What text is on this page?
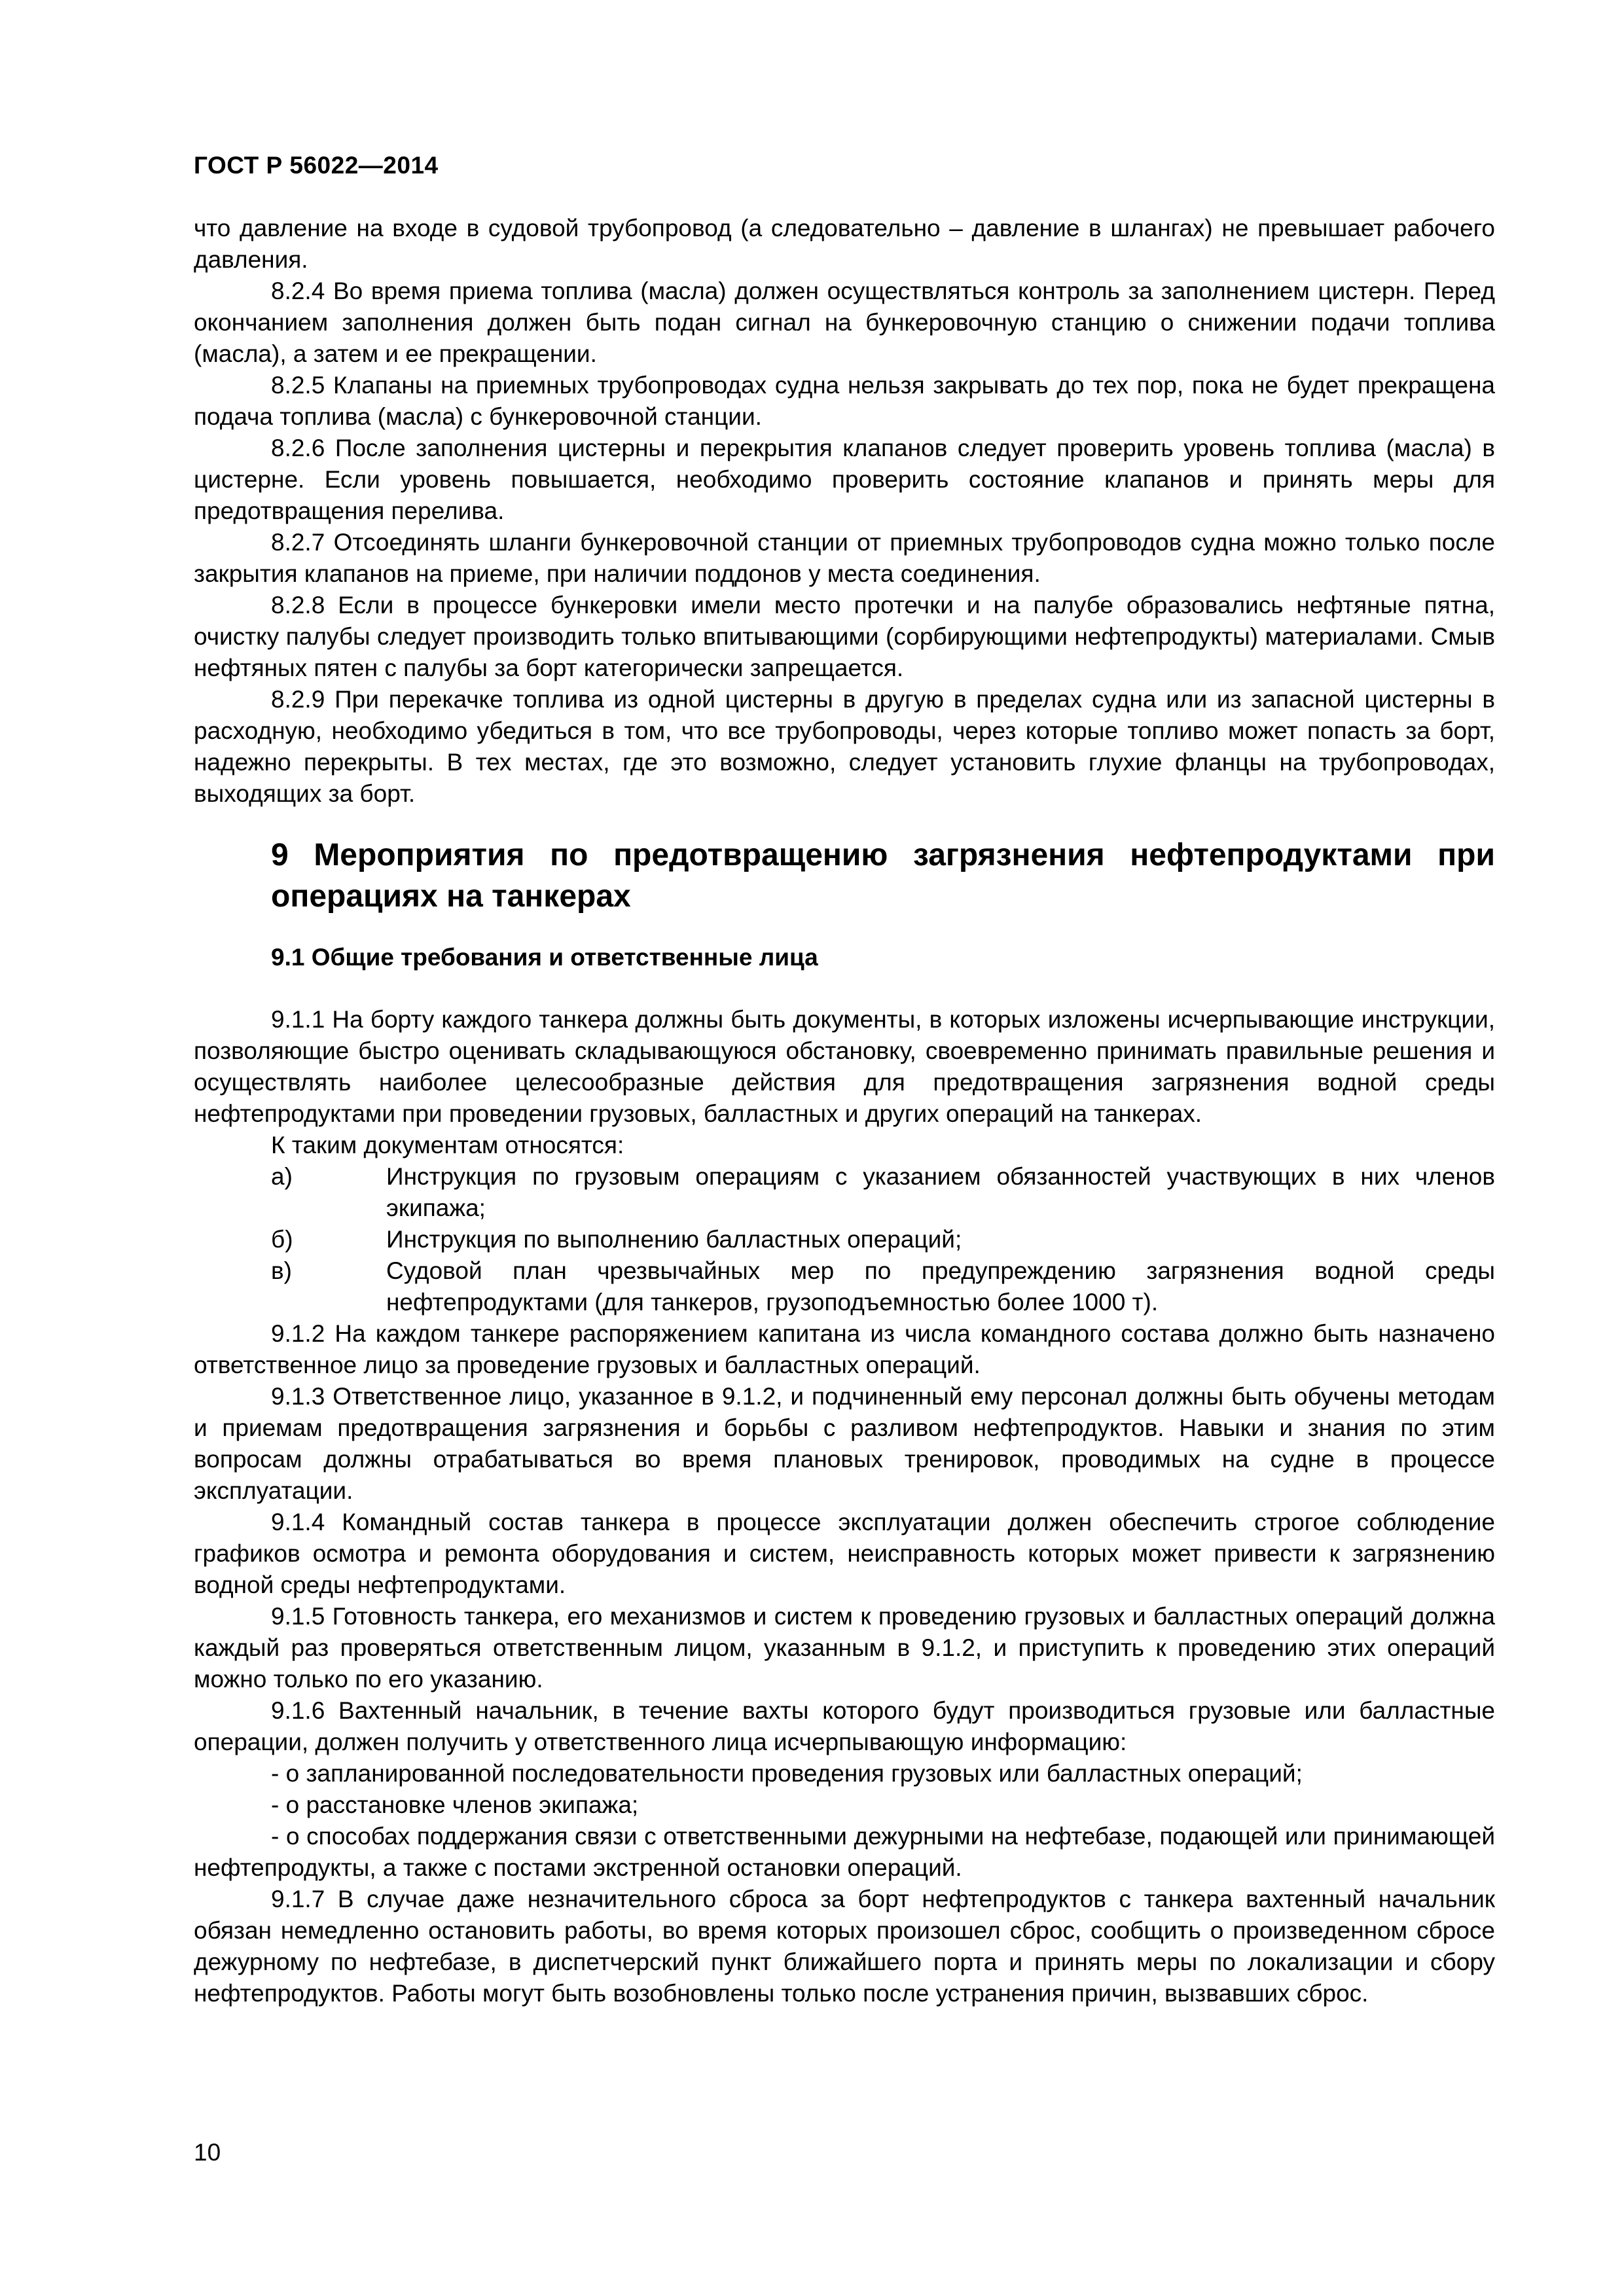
ГОСТ Р 56022—2014

что давление на входе в судовой трубопровод (а следовательно – давление в шлангах) не превышает рабочего давления.

8.2.4 Во время приема топлива (масла) должен осуществляться контроль за заполнением цистерн. Перед окончанием заполнения должен быть подан сигнал на бункеровочную станцию о снижении подачи топлива (масла), а затем и ее прекращении.

8.2.5 Клапаны на приемных трубопроводах судна нельзя закрывать до тех пор, пока не будет прекращена подача топлива (масла) с бункеровочной станции.

8.2.6 После заполнения цистерны и перекрытия клапанов следует проверить уровень топлива (масла) в цистерне. Если уровень повышается, необходимо проверить состояние клапанов и принять меры для предотвращения перелива.

8.2.7 Отсоединять шланги бункеровочной станции от приемных трубопроводов судна можно только после закрытия клапанов на приеме, при наличии поддонов у места соединения.

8.2.8 Если в процессе бункеровки имели место протечки и на палубе образовались нефтяные пятна, очистку палубы следует производить только впитывающими (сорбирующими нефтепродукты) материалами. Смыв нефтяных пятен с палубы за борт категорически запрещается.

8.2.9 При перекачке топлива из одной цистерны в другую в пределах судна или из запасной цистерны в расходную, необходимо убедиться в том, что все трубопроводы, через которые топливо может попасть за борт, надежно перекрыты. В тех местах, где это возможно, следует установить глухие фланцы на трубопроводах, выходящих за борт.

9 Мероприятия по предотвращению загрязнения нефтепродуктами при операциях на танкерах
9.1 Общие требования и ответственные лица

9.1.1 На борту каждого танкера должны быть документы, в которых изложены исчерпывающие инструкции, позволяющие быстро оценивать складывающуюся обстановку, своевременно принимать правильные решения и осуществлять наиболее целесообразные действия для предотвращения загрязнения водной среды нефтепродуктами при проведении грузовых, балластных и других операций на танкерах.

К таким документам относятся:

а)	Инструкция по грузовым операциям с указанием обязанностей участвующих в них членов экипажа;
б)	Инструкция по выполнению балластных операций;
в)	Судовой план чрезвычайных мер по предупреждению загрязнения водной среды нефтепродуктами (для танкеров, грузоподъемностью более 1000 т).

9.1.2 На каждом танкере распоряжением капитана из числа командного состава должно быть назначено ответственное лицо за проведение грузовых и балластных операций.

9.1.3 Ответственное лицо, указанное в 9.1.2, и подчиненный ему персонал должны быть обучены методам и приемам предотвращения загрязнения и борьбы с разливом нефтепродуктов. Навыки и знания по этим вопросам должны отрабатываться во время плановых тренировок, проводимых на судне в процессе эксплуатации.

9.1.4 Командный состав танкера в процессе эксплуатации должен обеспечить строгое соблюдение графиков осмотра и ремонта оборудования и систем, неисправность которых может привести к загрязнению водной среды нефтепродуктами.

9.1.5 Готовность танкера, его механизмов и систем к проведению грузовых и балластных операций должна каждый раз проверяться ответственным лицом, указанным в 9.1.2, и приступить к проведению этих операций можно только по его указанию.

9.1.6 Вахтенный начальник, в течение вахты которого будут производиться грузовые или балластные операции, должен получить у ответственного лица исчерпывающую информацию:

- о запланированной последовательности проведения грузовых или балластных операций;

- о расстановке членов экипажа;

- о способах поддержания связи с ответственными дежурными на нефтебазе, подающей или принимающей нефтепродукты, а также с постами экстренной остановки операций.

9.1.7 В случае даже незначительного сброса за борт нефтепродуктов с танкера вахтенный начальник обязан немедленно остановить работы, во время которых произошел сброс, сообщить о произведенном сбросе дежурному по нефтебазе, в диспетчерский пункт ближайшего порта и принять меры по локализации и сбору нефтепродуктов. Работы могут быть возобновлены только после устранения причин, вызвавших сброс.

10
